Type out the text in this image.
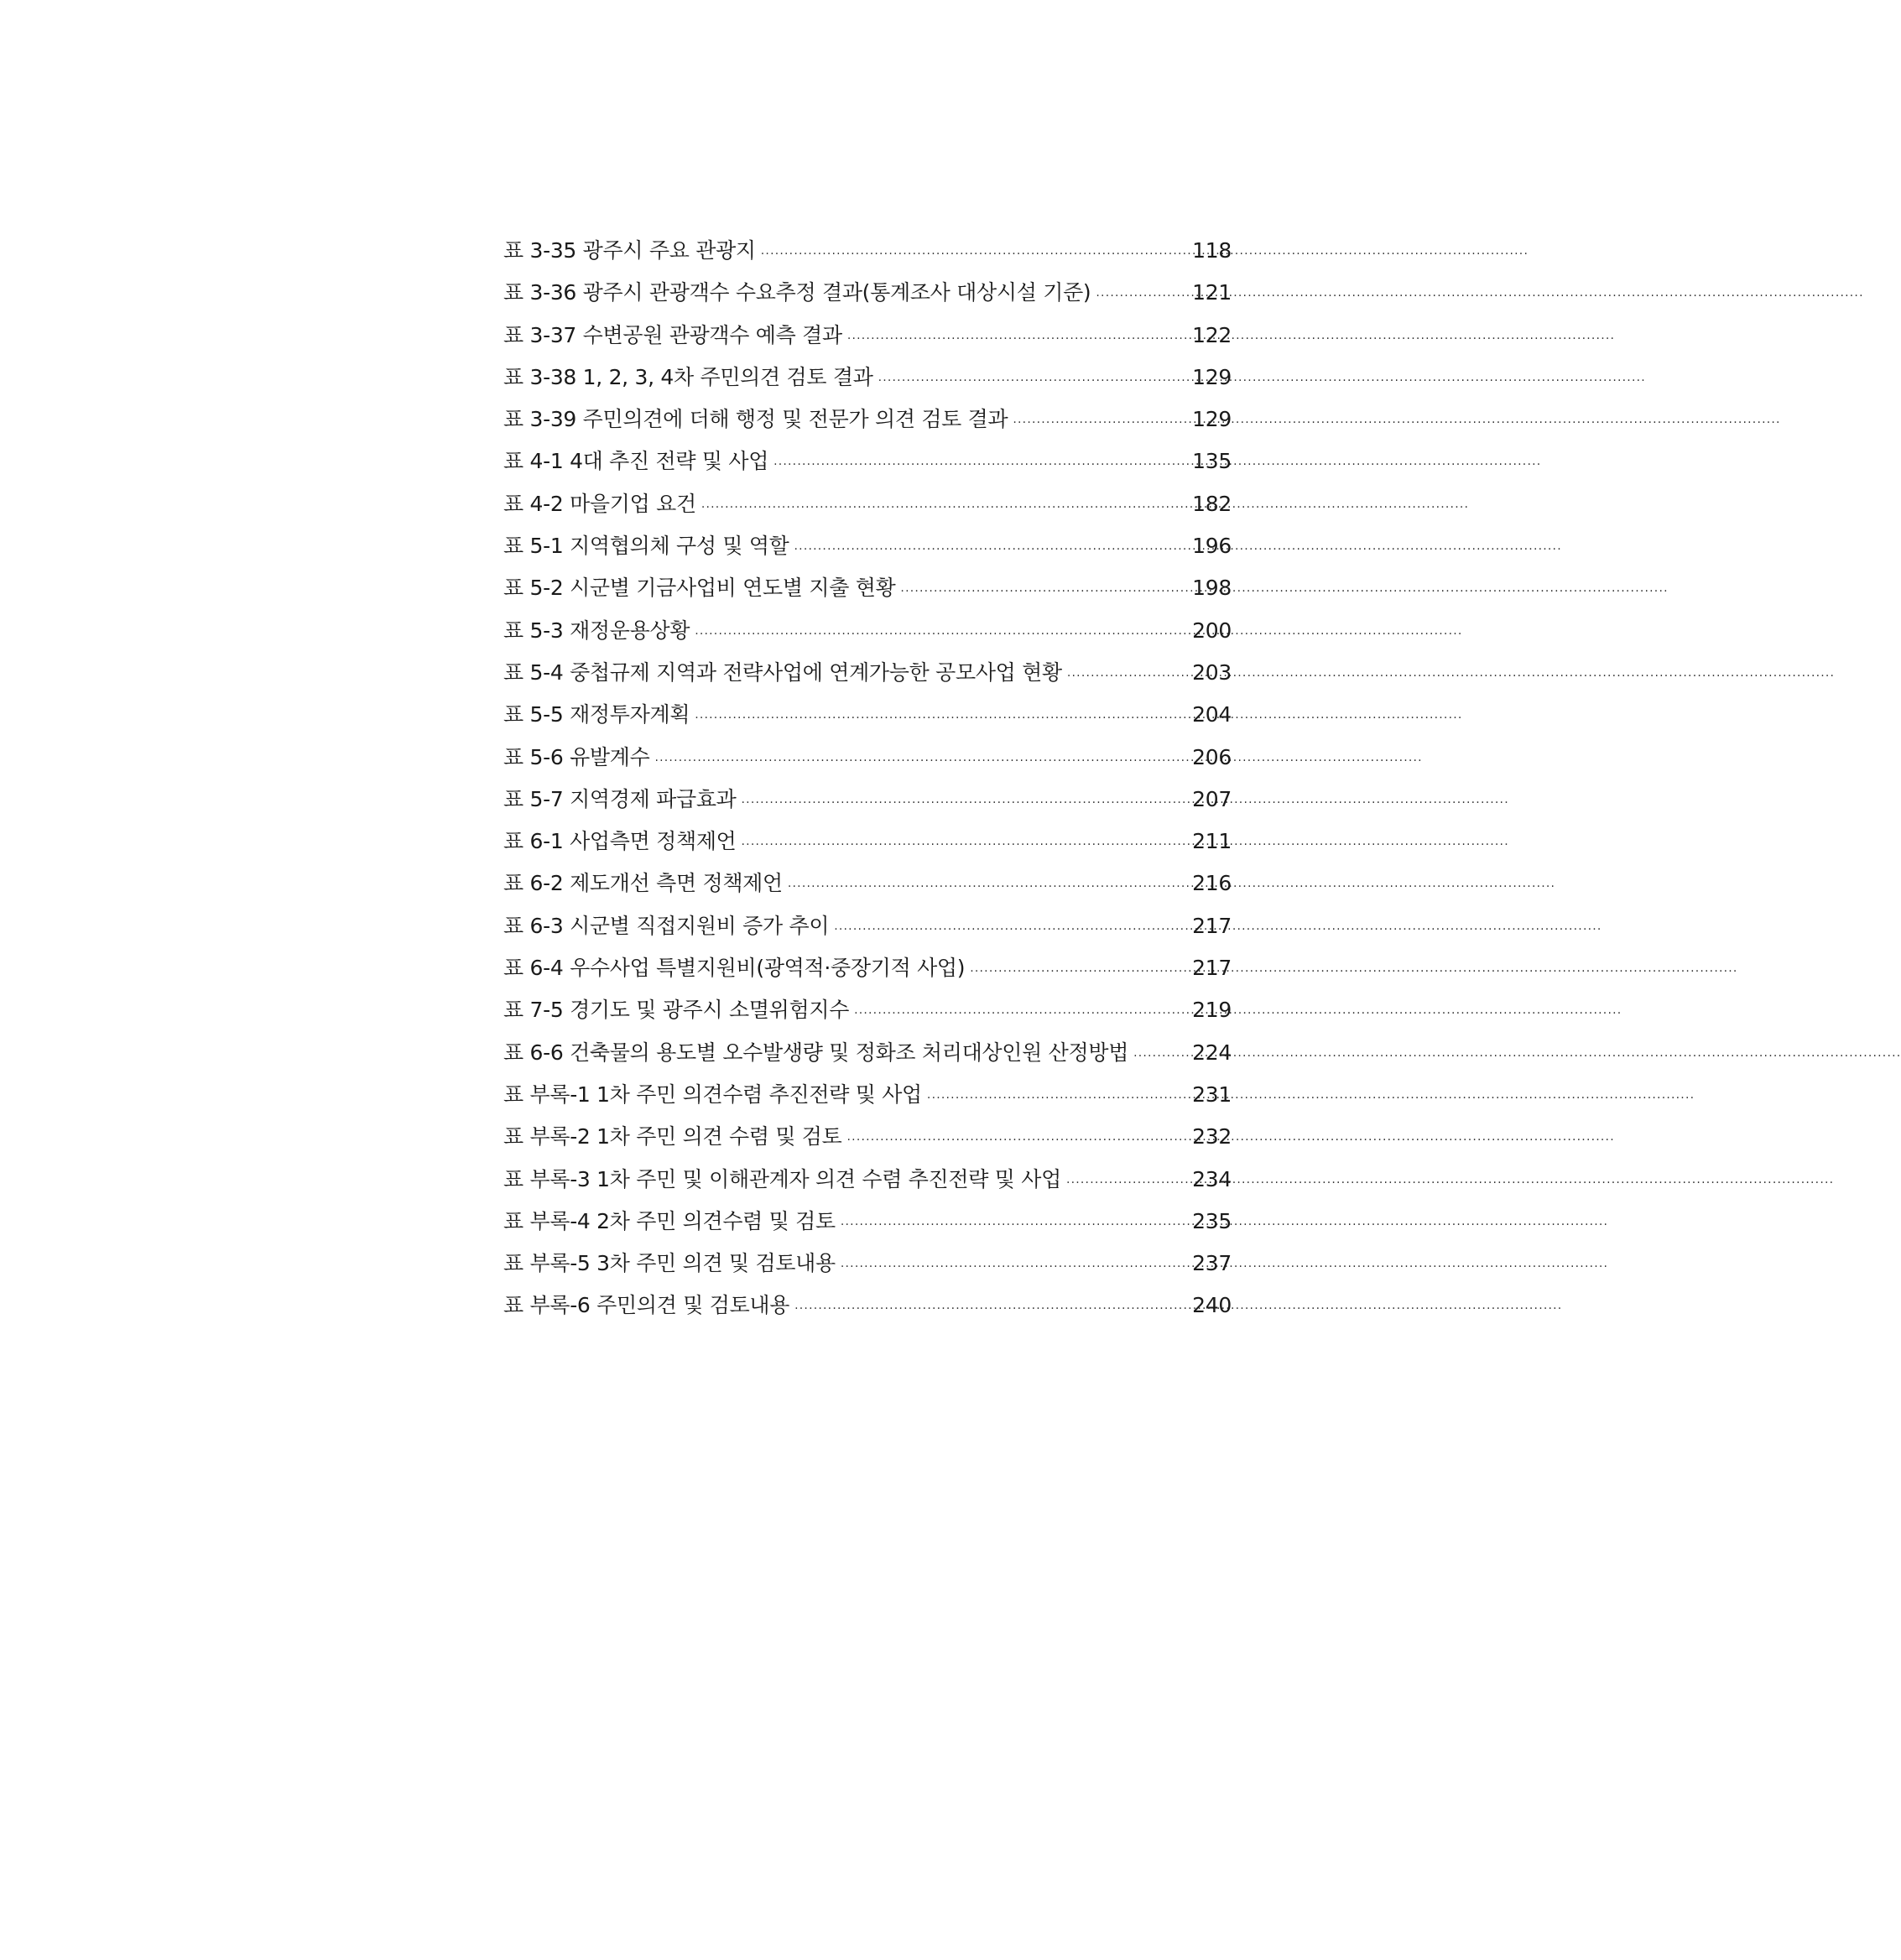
표 3-35 광주시 주요 관광지 ·····	118
표 3-36 광주시 관광객수 수요추정 결과(통계조사 대상시설 기준) ·····	121
표 3-37 수변공원 관광객수 예측 결과 ·····	122
표 3-38 1, 2, 3, 4차 주민의견 검토 결과 ·····	129
표 3-39 주민의견에 더해 행정 및 전문가 의견 검토 결과 ·····	129
표 4-1 4대 추진 전략 및 사업 ·····	135
표 4-2 마을기업 요건 ·····	182
표 5-1 지역협의체 구성 및 역할 ·····	196
표 5-2 시군별 기금사업비 연도별 지출 현황 ·····	198
표 5-3 재정운용상황 ·····	200
표 5-4 중첩규제 지역과 전략사업에 연계가능한 공모사업 현황 ·····	203
표 5-5 재정투자계획 ·····	204
표 5-6 유발계수 ·····	206
표 5-7 지역경제 파급효과 ·····	207
표 6-1 사업측면 정책제언 ·····	211
표 6-2 제도개선 측면 정책제언 ·····	216
표 6-3 시군별 직접지원비 증가 추이 ·····	217
표 6-4 우수사업 특별지원비(광역적·중장기적 사업) ·····	217
표 7-5 경기도 및 광주시 소멸위험지수 ·····	219
표 6-6 건축물의 용도별 오수발생량 및 정화조 처리대상인원 산정방법 ·····	224
표 부록-1 1차 주민 의견수렴 추진전략 및 사업 ·····	231
표 부록-2 1차 주민 의견 수렴 및 검토 ·····	232
표 부록-3 1차 주민 및 이해관계자 의견 수렴 추진전략 및 사업 ·····	234
표 부록-4 2차 주민 의견수렴 및 검토 ·····	235
표 부록-5 3차 주민 의견 및 검토내용 ·····	237
표 부록-6 주민의견 및 검토내용 ·····	240
